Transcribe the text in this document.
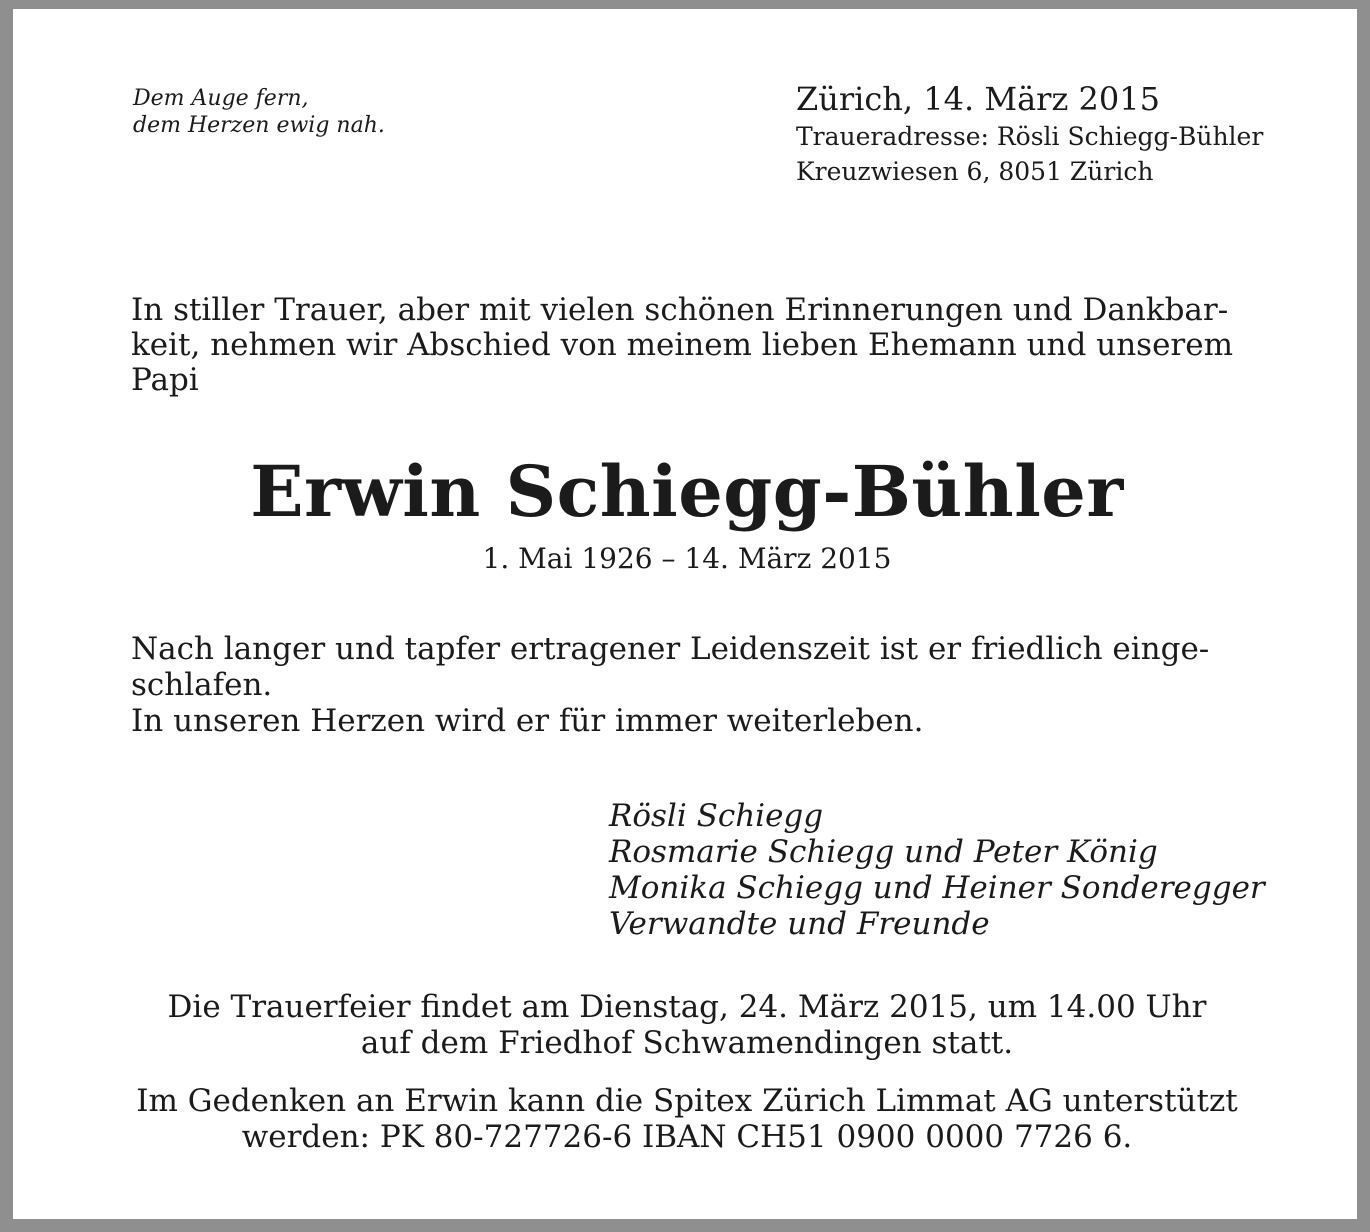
Dem Auge fern,
dem Herzen ewig nah.
Zürich, 14. März 2015
Traueradresse: Rösli Schiegg-Bühler
Kreuzwiesen 6, 8051 Zürich
In stiller Trauer, aber mit vielen schönen Erinnerungen und Dankbar-
keit, nehmen wir Abschied von meinem lieben Ehemann und unserem
Papi
Erwin Schiegg-Bühler
1. Mai 1926 – 14. März 2015
Nach langer und tapfer ertragener Leidenszeit ist er friedlich einge-
schlafen.
In unseren Herzen wird er für immer weiterleben.
Rösli Schiegg
Rosmarie Schiegg und Peter König
Monika Schiegg und Heiner Sonderegger
Verwandte und Freunde
Die Trauerfeier findet am Dienstag, 24. März 2015, um 14.00 Uhr
auf dem Friedhof Schwamendingen statt.
Im Gedenken an Erwin kann die Spitex Zürich Limmat AG unterstützt
werden: PK 80-727726-6 IBAN CH51 0900 0000 7726 6.
